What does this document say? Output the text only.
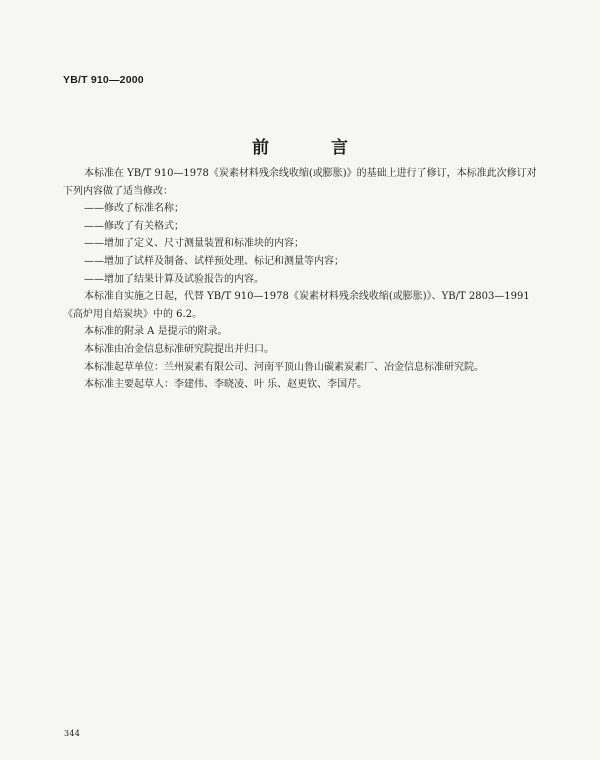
YB/T 910—2000
前 言

本标准在 YB/T 910—1978《炭素材料残余线收缩(或膨胀)》的基础上进行了修订，本标准此次修订对下列内容做了适当修改：

——修改了标准名称；

——修改了有关格式；

——增加了定义、尺寸测量装置和标准块的内容；

——增加了试样及制备、试样预处理、标记和测量等内容；

——增加了结果计算及试验报告的内容。

本标准自实施之日起，代替 YB/T 910—1978《炭素材料残余线收缩(或膨胀)》、YB/T 2803—1991《高炉用自焙炭块》中的 6.2。

本标准的附录 A 是提示的附录。

本标准由冶金信息标准研究院提出并归口。

本标准起草单位：兰州炭素有限公司、河南平顶山鲁山碳素炭素厂、冶金信息标准研究院。

本标准主要起草人：李建伟、李晓凌、叶 乐、赵更钦、李国芹。

344
